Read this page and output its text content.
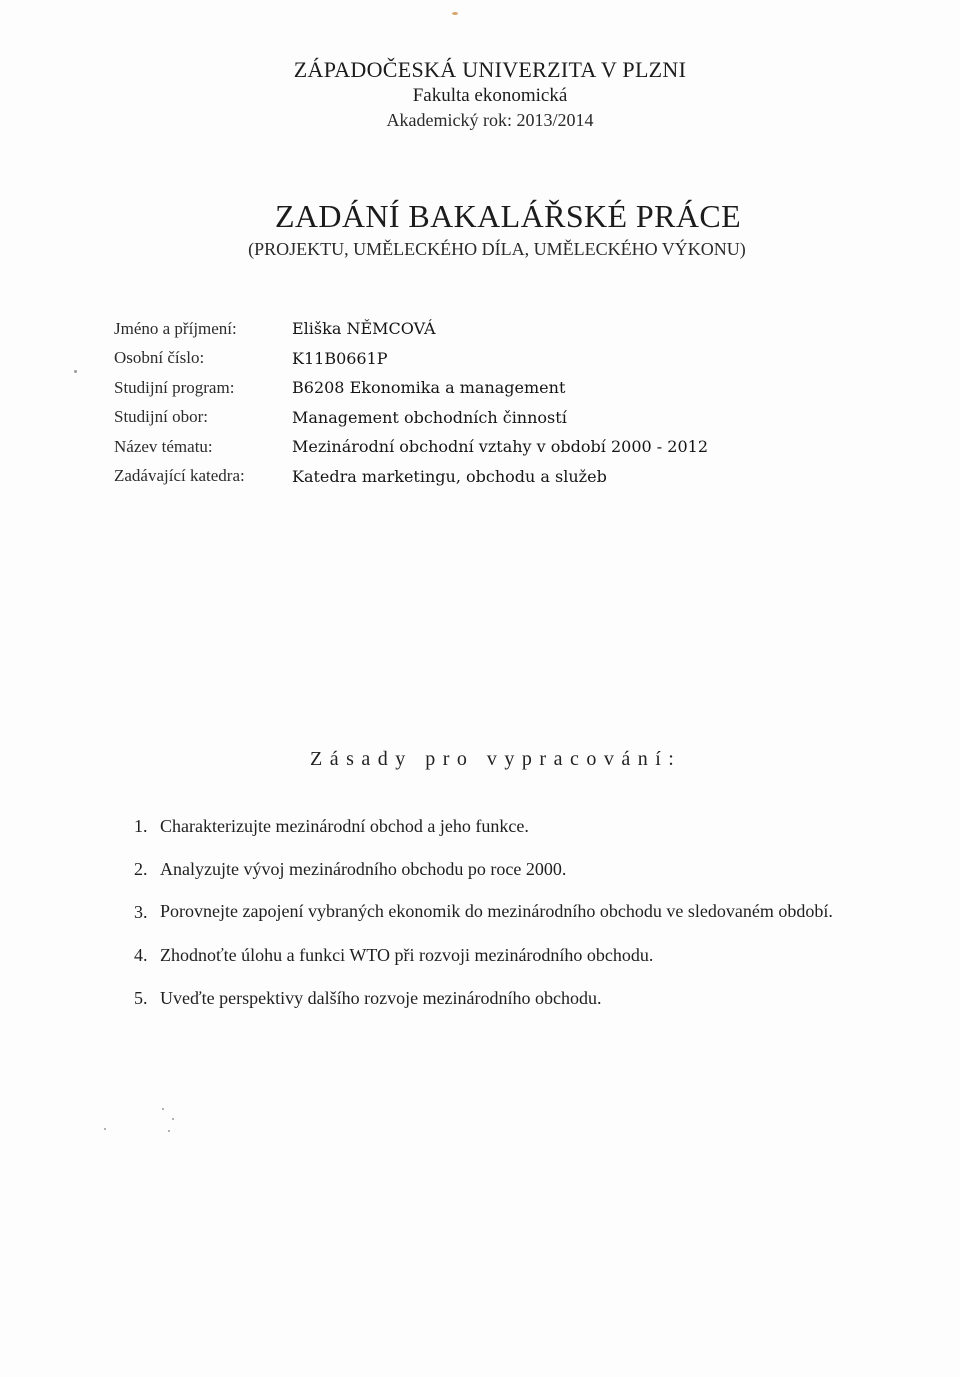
ZÁPADOČESKÁ UNIVERZITA V PLZNI
Fakulta ekonomická
Akademický rok: 2013/2014
ZADÁNÍ BAKALÁŘSKÉ PRÁCE
(PROJEKTU, UMĚLECKÉHO DÍLA, UMĚLECKÉHO VÝKONU)
Jméno a příjmení:	Eliška NĚMCOVÁ
Osobní číslo:	K11B0661P
Studijní program:	B6208 Ekonomika a management
Studijní obor:	Management obchodních činností
Název tématu:	Mezinárodní obchodní vztahy v období 2000 - 2012
Zadávající katedra:	Katedra marketingu, obchodu a služeb
Zásady pro vypracování:
1. Charakterizujte mezinárodní obchod a jeho funkce.
2. Analyzujte vývoj mezinárodního obchodu po roce 2000.
3. Porovnejte zapojení vybraných ekonomik do mezinárodního obchodu ve sledovaném období.
4. Zhodnoťte úlohu a funkci WTO při rozvoji mezinárodního obchodu.
5. Uveďte perspektivy dalšího rozvoje mezinárodního obchodu.
